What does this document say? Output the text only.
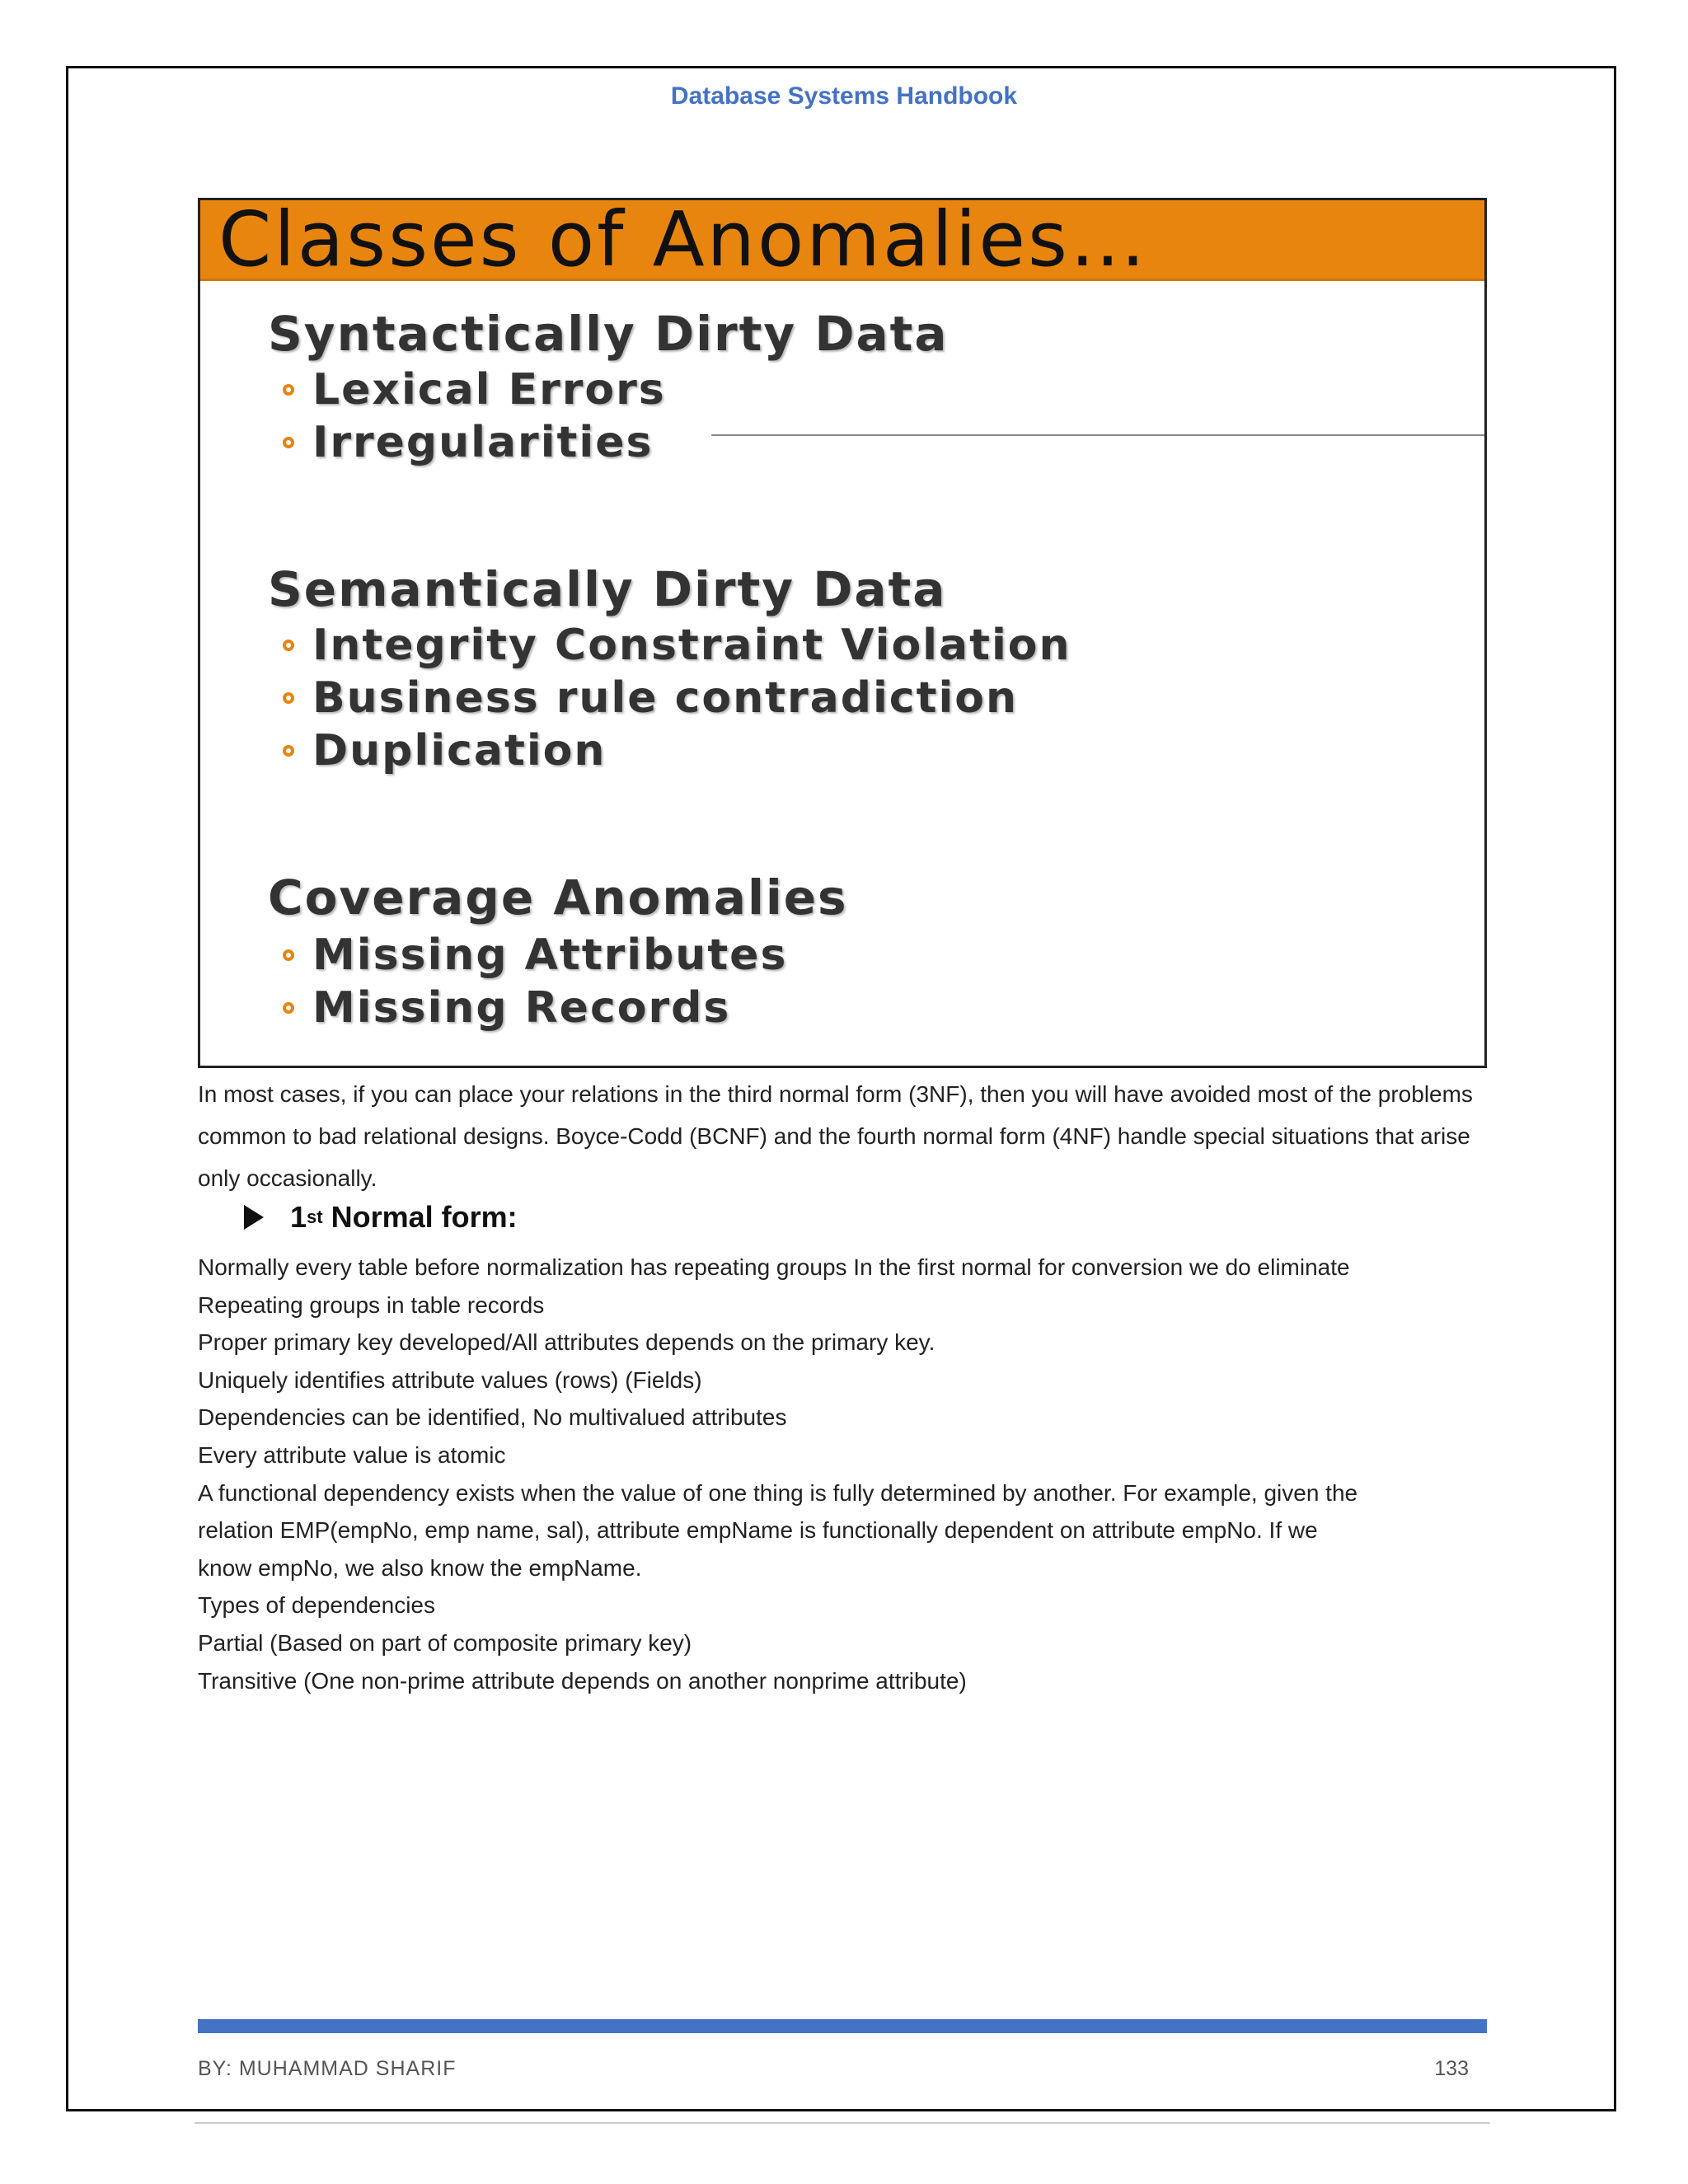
Database Systems Handbook
Classes of Anomalies…
Syntactically Dirty Data
Lexical Errors
Irregularities
Semantically Dirty Data
Integrity Constraint Violation
Business rule contradiction
Duplication
Coverage Anomalies
Missing Attributes
Missing Records
In most cases, if you can place your relations in the third normal form (3NF), then you will have avoided most of the problems common to bad relational designs. Boyce-Codd (BCNF) and the fourth normal form (4NF) handle special situations that arise only occasionally.
1 st Normal form:
Normally every table before normalization has repeating groups In the first normal for conversion we do eliminate
Repeating groups in table records
Proper primary key developed/All attributes depends on the primary key.
Uniquely identifies attribute values (rows) (Fields)
Dependencies can be identified, No multivalued attributes
Every attribute value is atomic
A functional dependency exists when the value of one thing is fully determined by another. For example, given the
relation EMP(empNo, emp name, sal), attribute empName is functionally dependent on attribute empNo. If we
know empNo, we also know the empName.
Types of dependencies
Partial (Based on part of composite primary key)
Transitive (One non-prime attribute depends on another nonprime attribute)
BY: MUHAMMAD SHARIF	133
